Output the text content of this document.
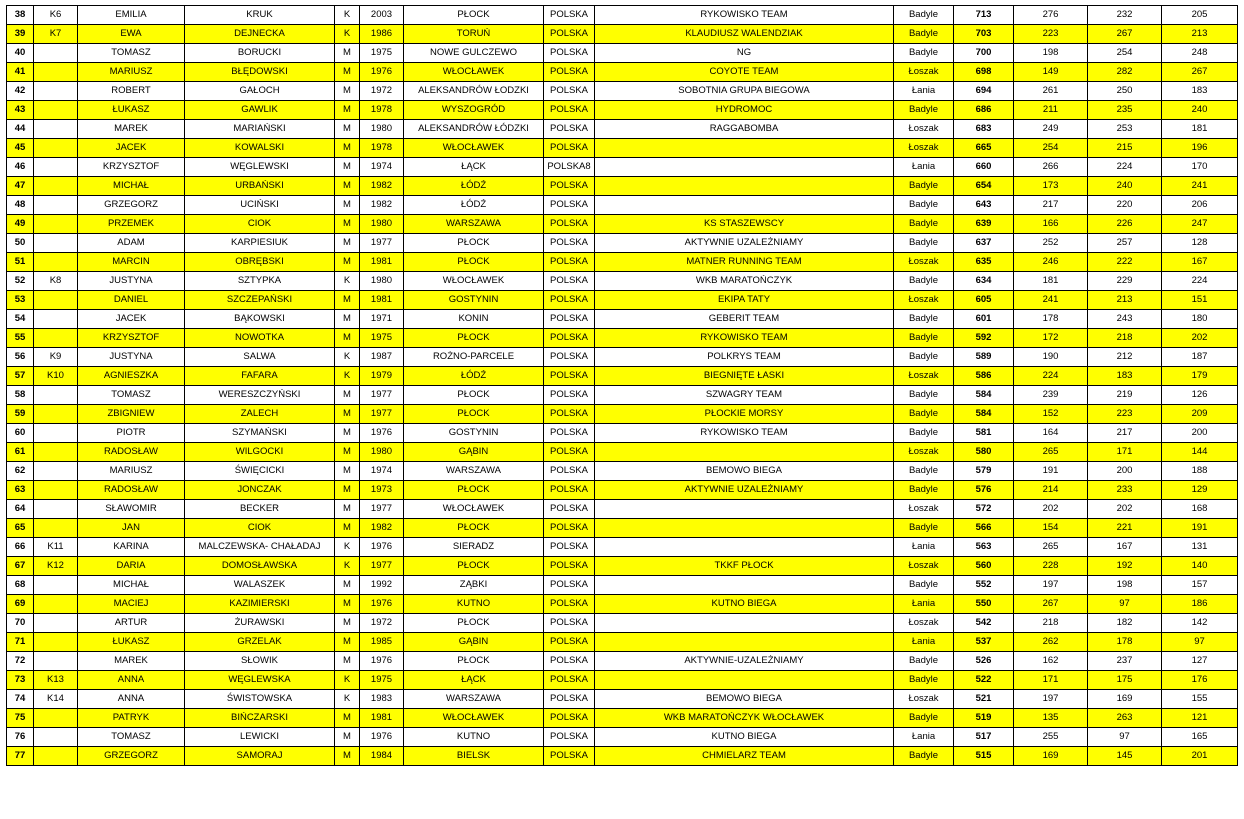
38	K6	EMILIA	KRUK	K	2003	PŁOCK	POLSKA	RYKOWISKO TEAM	Badyle	713	276	232	205
39	K7	EWA	DEJNECKA	K	1986	TORUŃ	POLSKA	KLAUDIUSZ WALENDZIAK	Badyle	703	223	267	213
40		TOMASZ	BORUCKI	M	1975	NOWE GULCZEWO	POLSKA	NG	Badyle	700	198	254	248
41		MARIUSZ	BŁĘDOWSKI	M	1976	WŁOCŁAWEK	POLSKA	COYOTE TEAM	Łoszak	698	149	282	267
42		ROBERT	GAŁOCH	M	1972	ALEKSANDRÓW ŁODZKI	POLSKA	SOBOTNIA GRUPA BIEGOWA	Łania	694	261	250	183
43		ŁUKASZ	GAWLIK	M	1978	WYSZOGRÓD	POLSKA	HYDROMOC	Badyle	686	211	235	240
44		MAREK	MARIAŃSKI	M	1980	ALEKSANDRÓW ŁÓDZKI	POLSKA	RAGGABOMBA	Łoszak	683	249	253	181
45		JACEK	KOWALSKI	M	1978	WŁOCŁAWEK	POLSKA		Łoszak	665	254	215	196
46		KRZYSZTOF	WĘGLEWSKI	M	1974	ŁĄCK	POLSKA8		Łania	660	266	224	170
47		MICHAŁ	URBAŃSKI	M	1982	ŁÓDŹ	POLSKA		Badyle	654	173	240	241
48		GRZEGORZ	UCIŃSKI	M	1982	ŁÓDŹ	POLSKA		Badyle	643	217	220	206
49		PRZEMEK	CIOK	M	1980	WARSZAWA	POLSKA	KS STASZEWSCY	Badyle	639	166	226	247
50		ADAM	KARPIESIUK	M	1977	PŁOCK	POLSKA	AKTYWNIE UZALEŻNIAMY	Badyle	637	252	257	128
51		MARCIN	OBRĘBSKI	M	1981	PŁOCK	POLSKA	MATNER RUNNING TEAM	Łoszak	635	246	222	167
52	K8	JUSTYNA	SZTYPKA	K	1980	WŁOCŁAWEK	POLSKA	WKB MARATOŃCZYK	Badyle	634	181	229	224
53		DANIEL	SZCZEPAŃSKI	M	1981	GOSTYNIN	POLSKA	EKIPA TATY	Łoszak	605	241	213	151
54		JACEK	BĄKOWSKI	M	1971	KONIN	POLSKA	GEBERIT TEAM	Badyle	601	178	243	180
55		KRZYSZTOF	NOWOTKA	M	1975	PŁOCK	POLSKA	RYKOWISKO TEAM	Badyle	592	172	218	202
56	K9	JUSTYNA	SALWA	K	1987	ROŻNO-PARCELE	POLSKA	POLKRYS TEAM	Badyle	589	190	212	187
57	K10	AGNIESZKA	FAFARA	K	1979	ŁÓDŹ	POLSKA	BIEGNIĘTE ŁASKI	Łoszak	586	224	183	179
58		TOMASZ	WERESZCZYŃSKI	M	1977	PŁOCK	POLSKA	SZWAGRY TEAM	Badyle	584	239	219	126
59		ZBIGNIEW	ZALECH	M	1977	PŁOCK	POLSKA	PŁOCKIE MORSY	Badyle	584	152	223	209
60		PIOTR	SZYMAŃSKI	M	1976	GOSTYNIN	POLSKA	RYKOWISKO TEAM	Badyle	581	164	217	200
61		RADOSŁAW	WILGOCKI	M	1980	GĄBIN	POLSKA		Łoszak	580	265	171	144
62		MARIUSZ	ŚWIĘCICKI	M	1974	WARSZAWA	POLSKA	BEMOWO BIEGA	Badyle	579	191	200	188
63		RADOSŁAW	JONCZAK	M	1973	PŁOCK	POLSKA	AKTYWNIE UZALEŻNIAMY	Badyle	576	214	233	129
64		SŁAWOMIR	BECKER	M	1977	WŁOCŁAWEK	POLSKA		Łoszak	572	202	202	168
65		JAN	CIOK	M	1982	PŁOCK	POLSKA		Badyle	566	154	221	191
66	K11	KARINA	MALCZEWSKA- CHAŁADAJ	K	1976	SIERADZ	POLSKA		Łania	563	265	167	131
67	K12	DARIA	DOMOSŁAWSKA	K	1977	PŁOCK	POLSKA	TKKF PŁOCK	Łoszak	560	228	192	140
68		MICHAŁ	WALASZEK	M	1992	ZĄBKI	POLSKA		Badyle	552	197	198	157
69		MACIEJ	KAZIMIERSKI	M	1976	KUTNO	POLSKA	KUTNO BIEGA	Łania	550	267	97	186
70		ARTUR	ŻURAWSKI	M	1972	PŁOCK	POLSKA		Łoszak	542	218	182	142
71		ŁUKASZ	GRZELAK	M	1985	GĄBIN	POLSKA		Łania	537	262	178	97
72		MAREK	SŁOWIK	M	1976	PŁOCK	POLSKA	AKTYWNIE-UZALEŻNIAMY	Badyle	526	162	237	127
73	K13	ANNA	WĘGLEWSKA	K	1975	ŁĄCK	POLSKA		Badyle	522	171	175	176
74	K14	ANNA	ŚWISTOWSKA	K	1983	WARSZAWA	POLSKA	BEMOWO BIEGA	Łoszak	521	197	169	155
75		PATRYK	BIŃCZARSKI	M	1981	WŁOCŁAWEK	POLSKA	WKB MARATOŃCZYK WŁOCŁAWEK	Badyle	519	135	263	121
76		TOMASZ	LEWICKI	M	1976	KUTNO	POLSKA	KUTNO BIEGA	Łania	517	255	97	165
77		GRZEGORZ	SAMORAJ	M	1984	BIELSK	POLSKA	CHMIELARZ TEAM	Badyle	515	169	145	201
